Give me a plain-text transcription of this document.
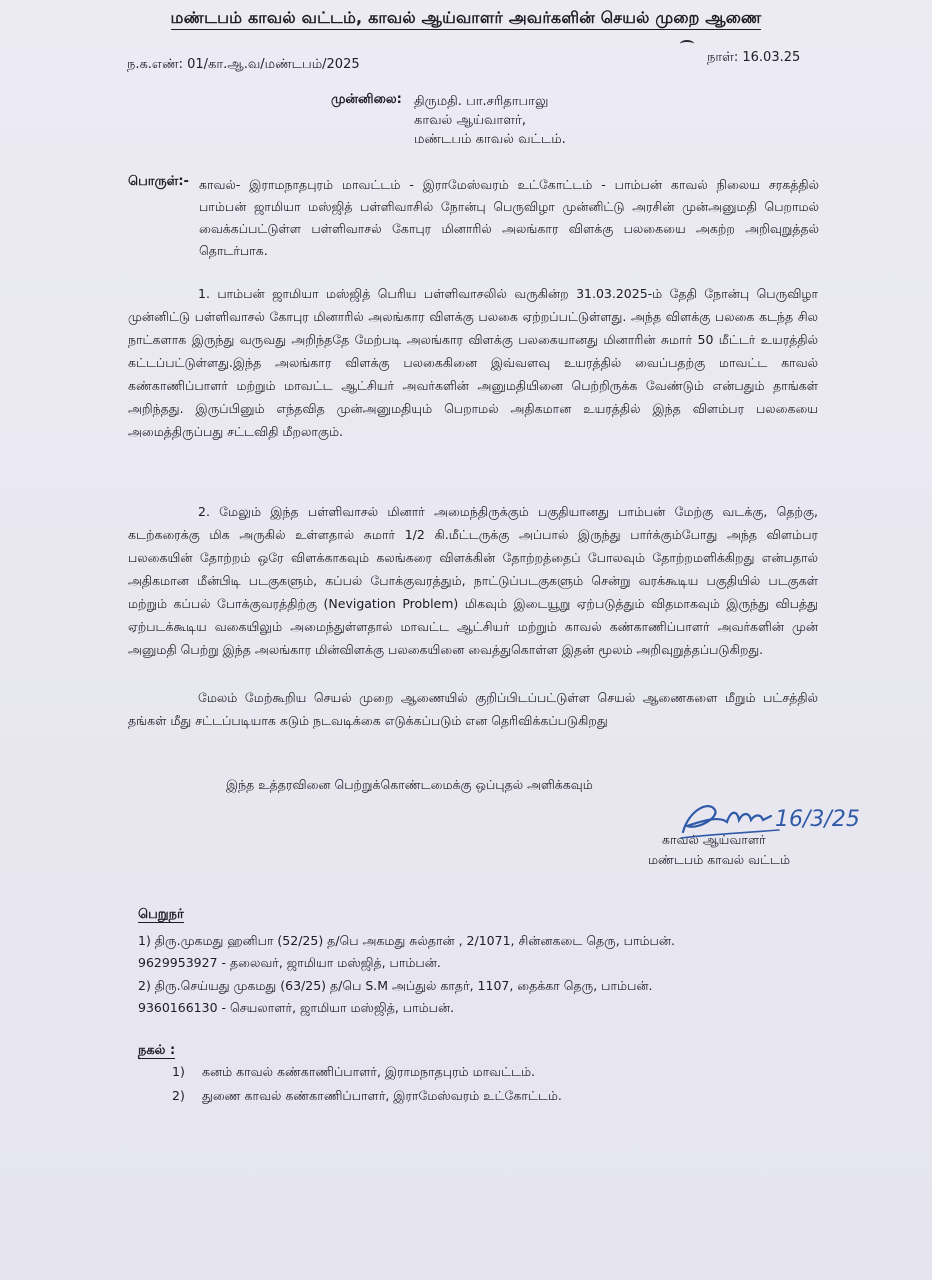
மண்டபம் காவல் வட்டம், காவல் ஆய்வாளர் அவர்களின் செயல் முறை ஆணை
ந.க.எண்: 01/கா.ஆ.வ/மண்டபம்/2025	நாள்: 16.03.25
முன்னிலை: திருமதி. பா.சரிதாபாலு
காவல் ஆய்வாளர்,
மண்டபம் காவல் வட்டம்.
பொருள்:- காவல்- இராமநாதபுரம் மாவட்டம் - இராமேஸ்வரம் உட்கோட்டம் - பாம்பன் காவல் நிலைய சரகத்தில் பாம்பன் ஜாமியா மஸ்ஜித் பள்ளிவாசில் நோன்பு பெருவிழா முன்னிட்டு அரசின் முன்அனுமதி பெறாமல் வைக்கப்பட்டுள்ள பள்ளிவாசல் கோபுர மினாரில் அலங்கார விளக்கு பலகையை அகற்ற அறிவுறுத்தல் தொடர்பாக.
1. பாம்பன் ஜாமியா மஸ்ஜித் பெரிய பள்ளிவாசலில் வருகின்ற 31.03.2025-ம் தேதி நோன்பு பெருவிழா முன்னிட்டு பள்ளிவாசல் கோபுர மினாரில் அலங்கார விளக்கு பலகை ஏற்றப்பட்டுள்ளது. அந்த விளக்கு பலகை கடந்த சில நாட்களாக இருந்து வருவது அறிந்ததே மேற்படி அலங்கார விளக்கு பலகையானது மினாரின் சுமார் 50 மீட்டர் உயரத்தில் கட்டப்பட்டுள்ளது.இந்த அலங்கார விளக்கு பலகைகினை இவ்வளவு உயரத்தில் வைப்பதற்கு மாவட்ட காவல் கண்காணிப்பாளர் மற்றும் மாவட்ட ஆட்சியர் அவர்களின் அனுமதியினை பெற்றிருக்க வேண்டும் என்பதும் தாங்கள் அறிந்தது. இருப்பினும் எந்தவித முன்அனுமதியும் பெறாமல் அதிகமான உயரத்தில் இந்த விளம்பர பலகையை அமைத்திருப்பது சட்டவிதி மீறலாகும்.
2. மேலும் இந்த பள்ளிவாசல் மினார் அமைந்திருக்கும் பகுதியானது பாம்பன் மேற்கு வடக்கு, தெற்கு, கடற்கரைக்கு மிக அருகில் உள்ளதால் சுமார் 1/2 கி.மீட்டருக்கு அப்பால் இருந்து பார்க்கும்போது அந்த விளம்பர பலகையின் தோற்றம் ஒரே விளக்காகவும் கலங்கரை விளக்கின் தோற்றத்தைப் போலவும் தோற்றமளிக்கிறது என்பதால் அதிகமான மீன்பிடி படகுகளும், கப்பல் போக்குவரத்தும், நாட்டுப்படகுகளும் சென்று வரக்கூடிய பகுதியில் படகுகள் மற்றும் கப்பல் போக்குவரத்திற்கு (Nevigation Problem) மிகவும் இடையூறு ஏற்படுத்தும் விதமாகவும் இருந்து விபத்து ஏற்படக்கூடிய வகையிலும் அமைந்துள்ளதால் மாவட்ட ஆட்சியர் மற்றும் காவல் கண்காணிப்பாளர் அவர்களின் முன் அனுமதி பெற்று இந்த அலங்கார மின்விளக்கு பலகையினை வைத்துகொள்ள இதன் மூலம் அறிவுறுத்தப்படுகிறது.
மேலம் மேற்கூறிய செயல் முறை ஆணையில் குறிப்பிடப்பட்டுள்ள செயல் ஆணைகளை மீறும் பட்சத்தில் தங்கள் மீது சட்டப்படியாக கடும் நடவடிக்கை எடுக்கப்படும் என தெரிவிக்கப்படுகிறது
இந்த உத்தரவினை பெற்றுக்கொண்டமைக்கு ஒப்புதல் அளிக்கவும்
16/3/25
காவல் ஆய்வாளர்
மண்டபம் காவல் வட்டம்
பெறுநர்
1) திரு.முகமது ஹனிபா (52/25) த/பெ அகமது சுல்தான் , 2/1071, சின்னகடை தெரு, பாம்பன்.
9629953927 - தலைவர், ஜாமியா மஸ்ஜித், பாம்பன்.
2) திரு.செய்யது முகமது (63/25) த/பெ S.M அப்துல் காதர், 1107, தைக்கா தெரு, பாம்பன்.
9360166130 - செயலாளர், ஜாமியா மஸ்ஜித், பாம்பன்.
நகல் :
1) கனம் காவல் கண்காணிப்பாளர், இராமநாதபுரம் மாவட்டம்.
2) துணை காவல் கண்காணிப்பாளர், இராமேஸ்வரம் உட்கோட்டம்.
